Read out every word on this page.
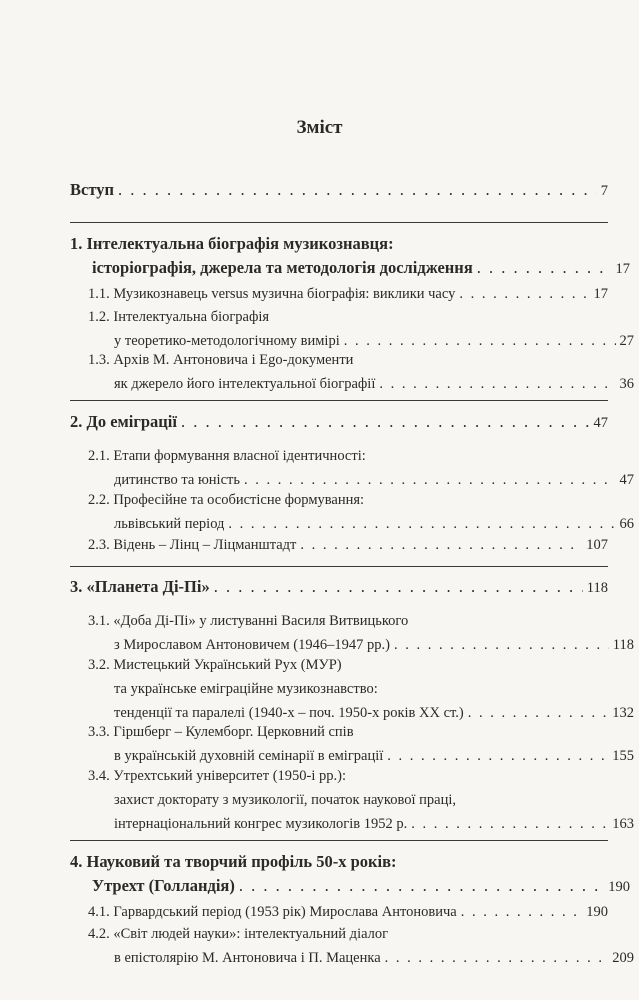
Зміст
Вступ . . .	7
1. Інтелектуальна біографія музикознавця:
історіографія, джерела та методологія дослідження . . .	17
1.1. Музикознавець versus музична біографія: виклики часу . . .	17
1.2. Інтелектуальна біографія
у теоретико-методологічному вимірі . . .	27
1.3. Архів М. Антоновича і Ego-документи
як джерело його інтелектуальної біографії . . .	36
2. До еміграції . . .	47
2.1. Етапи формування власної ідентичності:
дитинство та юність . . .	47
2.2. Професійне та особистісне формування:
львівський період . . .	66
2.3. Відень – Лінц – Ліцманштадт . . .	107
3. «Планета Ді-Пі» . . .	118
3.1. «Доба Ді-Пі» у листуванні Василя Витвицького
з Мирославом Антоновичем (1946–1947 рр.) . . .	118
3.2. Мистецький Український Рух (МУР)
та українське еміграційне музикознавство:
тенденції та паралелі (1940-х – поч. 1950-х років XX ст.) . . .	132
3.3. Гіршберг – Кулемборг. Церковний спів
в українській духовній семінарії в еміграції . . .	155
3.4. Утрехтський університет (1950-і рр.):
захист докторату з музикології, початок наукової праці,
інтернаціональний конгрес музикологів 1952 р. . . .	163
4. Науковий та творчий профіль 50-х років:
Утрехт (Голландія) . . .	190
4.1. Гарвардський період (1953 рік) Мирослава Антоновича . . .	190
4.2. «Світ людей науки»: інтелектуальний діалог
в епістолярію М. Антоновича і П. Маценка . . .	209
